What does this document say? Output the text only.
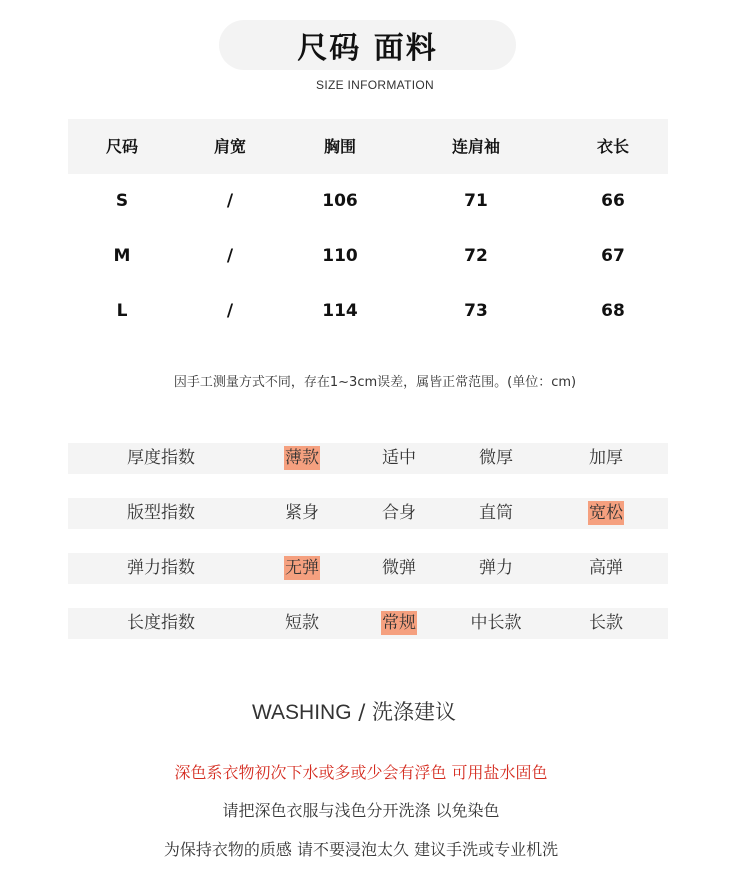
尺码 面料
SIZE INFORMATION
尺码	肩宽	胸围	连肩袖	衣长
S	/	106	71	66
M	/	110	72	67
L	/	114	73	68
因手工测量方式不同，存在1~3cm误差，属皆正常范围。(单位：cm)
厚度指数	薄款	适中	微厚	加厚
版型指数	紧身	合身	直筒	宽松
弹力指数	无弹	微弹	弹力	高弹
长度指数	短款	常规	中长款	长款
WASHING / 洗涤建议
深色系衣物初次下水或多或少会有浮色 可用盐水固色
请把深色衣服与浅色分开洗涤 以免染色
为保持衣物的质感 请不要浸泡太久 建议手洗或专业机洗
